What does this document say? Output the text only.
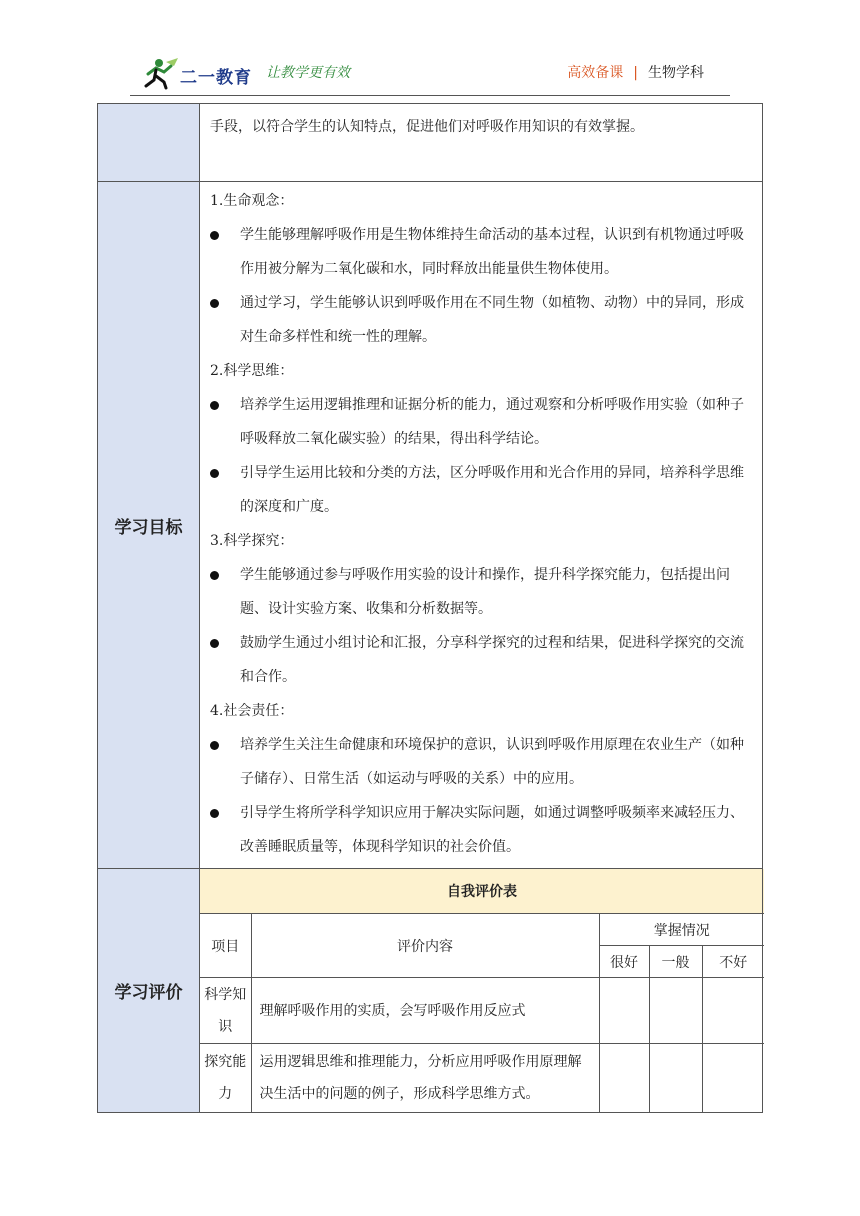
二一教育 让教学更有效	高效备课 | 生物学科

手段，以符合学生的认知特点，促进他们对呼吸作用知识的有效掌握。

学习目标	
1.生命观念：
学生能够理解呼吸作用是生物体维持生命活动的基本过程，认识到有机物通过呼吸作用被分解为二氧化碳和水，同时释放出能量供生物体使用。
通过学习，学生能够认识到呼吸作用在不同生物（如植物、动物）中的异同，形成对生命多样性和统一性的理解。
2.科学思维：
培养学生运用逻辑推理和证据分析的能力，通过观察和分析呼吸作用实验（如种子呼吸释放二氧化碳实验）的结果，得出科学结论。
引导学生运用比较和分类的方法，区分呼吸作用和光合作用的异同，培养科学思维的深度和广度。
3.科学探究：
学生能够通过参与呼吸作用实验的设计和操作，提升科学探究能力，包括提出问题、设计实验方案、收集和分析数据等。
鼓励学生通过小组讨论和汇报，分享科学探究的过程和结果，促进科学探究的交流和合作。
4.社会责任：
培养学生关注生命健康和环境保护的意识，认识到呼吸作用原理在农业生产（如种子储存）、日常生活（如运动与呼吸的关系）中的应用。
引导学生将所学科学知识应用于解决实际问题，如通过调整呼吸频率来减轻压力、改善睡眠质量等，体现科学知识的社会价值。

学习评价	
自我评价表
项目	评价内容	掌握情况
很好	一般	不好
科学知识	理解呼吸作用的实质，会写呼吸作用反应式			
探究能力	运用逻辑思维和推理能力，分析应用呼吸作用原理解决生活中的问题的例子，形成科学思维方式。			
